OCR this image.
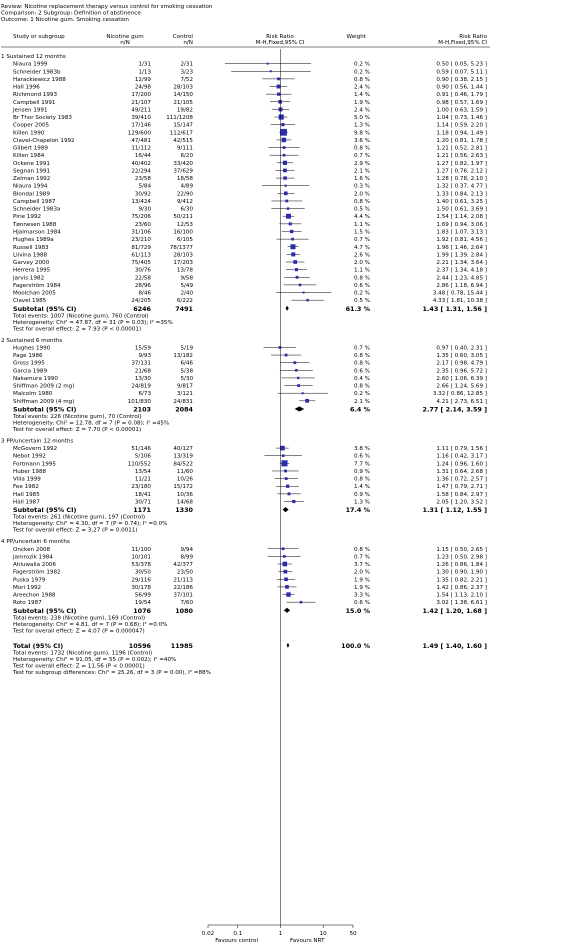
Review: Nicotine replacement therapy versus control for smoking cessation
Comparison: 2 Subgroup: Definition of abstinence
Outcome: 1 Nicotine gum. Smoking cessation
Study or subgroup	Nicotine gum
n/N
Control
n/N
Risk Ratio
M-H,Fixed,95% CI
Weight	Risk Ratio
M-H,Fixed,95% CI
1 Sustained 12 months
Niaura 1999	1/31	2/31	0.2 %	0.50 [ 0.05, 5.23 ]
Schneider 1983b	1/13	3/23	0.2 %	0.59 [ 0.07, 5.11 ]
Harackiewicz 1988	12/99	7/52	0.8 %	0.90 [ 0.38, 2.15 ]
Hall 1996	24/98	28/103	2.4 %	0.90 [ 0.56, 1.44 ]
Richmond 1993	17/200	14/150	1.4 %	0.91 [ 0.46, 1.79 ]
Campbell 1991	21/107	21/105	1.9 %	0.98 [ 0.57, 1.69 ]
Jensen 1991	49/211	19/82	2.4 %	1.00 [ 0.63, 1.59 ]
Br Thor Society 1983	39/410	111/1208	5.0 %	1.04 [ 0.73, 1.46 ]
Cooper 2005	17/146	15/147	1.3 %	1.14 [ 0.59, 2.20 ]
Killen 1990	129/600	112/617	9.8 %	1.18 [ 0.94, 1.49 ]
Clavel-Chapelon 1992	47/481	42/515	3.6 %	1.20 [ 0.81, 1.78 ]
Gilbert 1989	11/112	9/111	0.8 %	1.21 [ 0.52, 2.81 ]
Killen 1984	16/44	6/20	0.7 %	1.21 [ 0.56, 2.63 ]
Ockene 1991	40/402	33/420	2.9 %	1.27 [ 0.82, 1.97 ]
Segnan 1991	22/294	37/629	2.1 %	1.27 [ 0.76, 2.12 ]
Zelman 1992	23/58	18/58	1.6 %	1.28 [ 0.78, 2.10 ]
Niaura 1994	5/84	4/89	0.3 %	1.32 [ 0.37, 4.77 ]
Blondal 1989	30/92	22/90	2.0 %	1.33 [ 0.84, 2.13 ]
Campbell 1987	13/424	9/412	0.8 %	1.40 [ 0.61, 3.25 ]
Schneider 1983a	9/30	6/30	0.5 %	1.50 [ 0.61, 3.69 ]
Pirie 1992	75/206	50/211	4.4 %	1.54 [ 1.14, 2.08 ]
Tønnesen 1988	23/60	12/53	1.1 %	1.69 [ 0.94, 3.06 ]
Hjalmarson 1984	31/106	16/100	1.5 %	1.83 [ 1.07, 3.13 ]
Hughes 1989a	23/210	6/105	0.7 %	1.92 [ 0.81, 4.56 ]
Russell 1983	81/729	78/1377	4.7 %	1.96 [ 1.46, 2.64 ]
Llivina 1988	61/113	28/103	2.6 %	1.99 [ 1.39, 2.84 ]
Garvey 2000	75/405	17/203	2.0 %	2.21 [ 1.34, 3.64 ]
Herrera 1995	30/76	13/78	1.1 %	2.37 [ 1.34, 4.18 ]
Jarvis 1982	22/58	9/58	0.8 %	2.44 [ 1.23, 4.85 ]
Fagerström 1984	28/96	5/49	0.6 %	2.86 [ 1.18, 6.94 ]
Moolchan 2005	8/46	2/40	0.2 %	3.48 [ 0.78, 15.44 ]
Clavel 1985	24/205	6/222	0.5 %	4.33 [ 1.81, 10.38 ]
Subtotal (95% CI)	6246	7491	61.3 %	1.43 [ 1.31, 1.56 ]
Total events: 1007 (Nicotine gum), 760 (Control)
Heterogeneity: Chi² = 47.87, df = 31 (P = 0.03); I² =35%
Test for overall effect: Z = 7.93 (P < 0.00001)
2 Sustained 6 months
Hughes 1990	15/59	5/19	0.7 %	0.97 [ 0.40, 2.31 ]
Page 1986	9/93	13/182	0.8 %	1.35 [ 0.60, 3.05 ]
Gross 1995	37/131	6/46	0.8 %	2.17 [ 0.98, 4.79 ]
Garcia 1989	21/68	5/38	0.6 %	2.35 [ 0.96, 5.72 ]
Nakamura 1990	13/30	5/30	0.4 %	2.60 [ 1.06, 6.39 ]
Shiffman 2009 (2 mg)	24/819	9/817	0.8 %	2.66 [ 1.24, 5.69 ]
Malcolm 1980	6/73	3/121	0.2 %	3.32 [ 0.86, 12.85 ]
Shiffman 2009 (4 mg)	101/830	24/831	2.1 %	4.21 [ 2.73, 6.51 ]
Subtotal (95% CI)	2103	2084	6.4 %	2.77 [ 2.14, 3.59 ]
Total events: 226 (Nicotine gum), 70 (Control)
Heterogeneity: Chi² = 12.78, df = 7 (P = 0.08); I² =45%
Test for overall effect: Z = 7.70 (P < 0.00001)
3 PP/uncertain 12 months
McGovern 1992	51/146	40/127	3.8 %	1.11 [ 0.79, 1.56 ]
Nebot 1992	5/106	13/319	0.6 %	1.16 [ 0.42, 3.17 ]
Fortmann 1995	110/552	84/522	7.7 %	1.24 [ 0.96, 1.60 ]
Huber 1988	13/54	11/60	0.9 %	1.31 [ 0.64, 2.68 ]
Villa 1999	11/21	10/26	0.8 %	1.36 [ 0.72, 2.57 ]
Fee 1982	23/180	15/172	1.4 %	1.47 [ 0.79, 2.71 ]
Hall 1985	18/41	10/36	0.9 %	1.58 [ 0.84, 2.97 ]
Hall 1987	30/71	14/68	1.3 %	2.05 [ 1.20, 3.52 ]
Subtotal (95% CI)	1171	1330	17.4 %	1.31 [ 1.12, 1.55 ]
Total events: 261 (Nicotine gum), 197 (Control)
Heterogeneity: Chi² = 4.30, df = 7 (P = 0.74); I² =0.0%
Test for overall effect: Z = 3.27 (P = 0.0011)
4 PP/uncertain 6 months
Oncken 2008	11/100	9/94	0.8 %	1.15 [ 0.50, 2.65 ]
Jamrozik 1984	10/101	8/99	0.7 %	1.23 [ 0.50, 2.98 ]
Ahluwalia 2006	53/378	42/377	3.7 %	1.26 [ 0.86, 1.84 ]
Fagerström 1982	30/50	23/50	2.0 %	1.30 [ 0.90, 1.90 ]
Puska 1979	29/116	21/113	1.9 %	1.35 [ 0.82, 2.21 ]
Mori 1992	30/178	22/186	1.9 %	1.42 [ 0.86, 2.37 ]
Areechon 1988	56/99	37/101	3.3 %	1.54 [ 1.13, 2.10 ]
Roto 1987	19/54	7/60	0.6 %	3.02 [ 1.38, 6.61 ]
Subtotal (95% CI)	1076	1080	15.0 %	1.42 [ 1.20, 1.68 ]
Total events: 238 (Nicotine gum), 169 (Control)
Heterogeneity: Chi² = 4.81, df = 7 (P = 0.68); I² =0.0%
Test for overall effect: Z = 4.07 (P = 0.000047)
Total (95% CI)	10596	11985	100.0 %	1.49 [ 1.40, 1.60 ]
Total events: 1732 (Nicotine gum), 1196 (Control)
Heterogeneity: Chi² = 91.05, df = 55 (P = 0.002); I² =40%
Test for overall effect: Z = 11.56 (P < 0.00001)
Test for subgroup differences: Chi² = 25.26, df = 3 (P = 0.00), I² =88%
0.02	0.1	1	10	50
Favours control	Favours NRT
